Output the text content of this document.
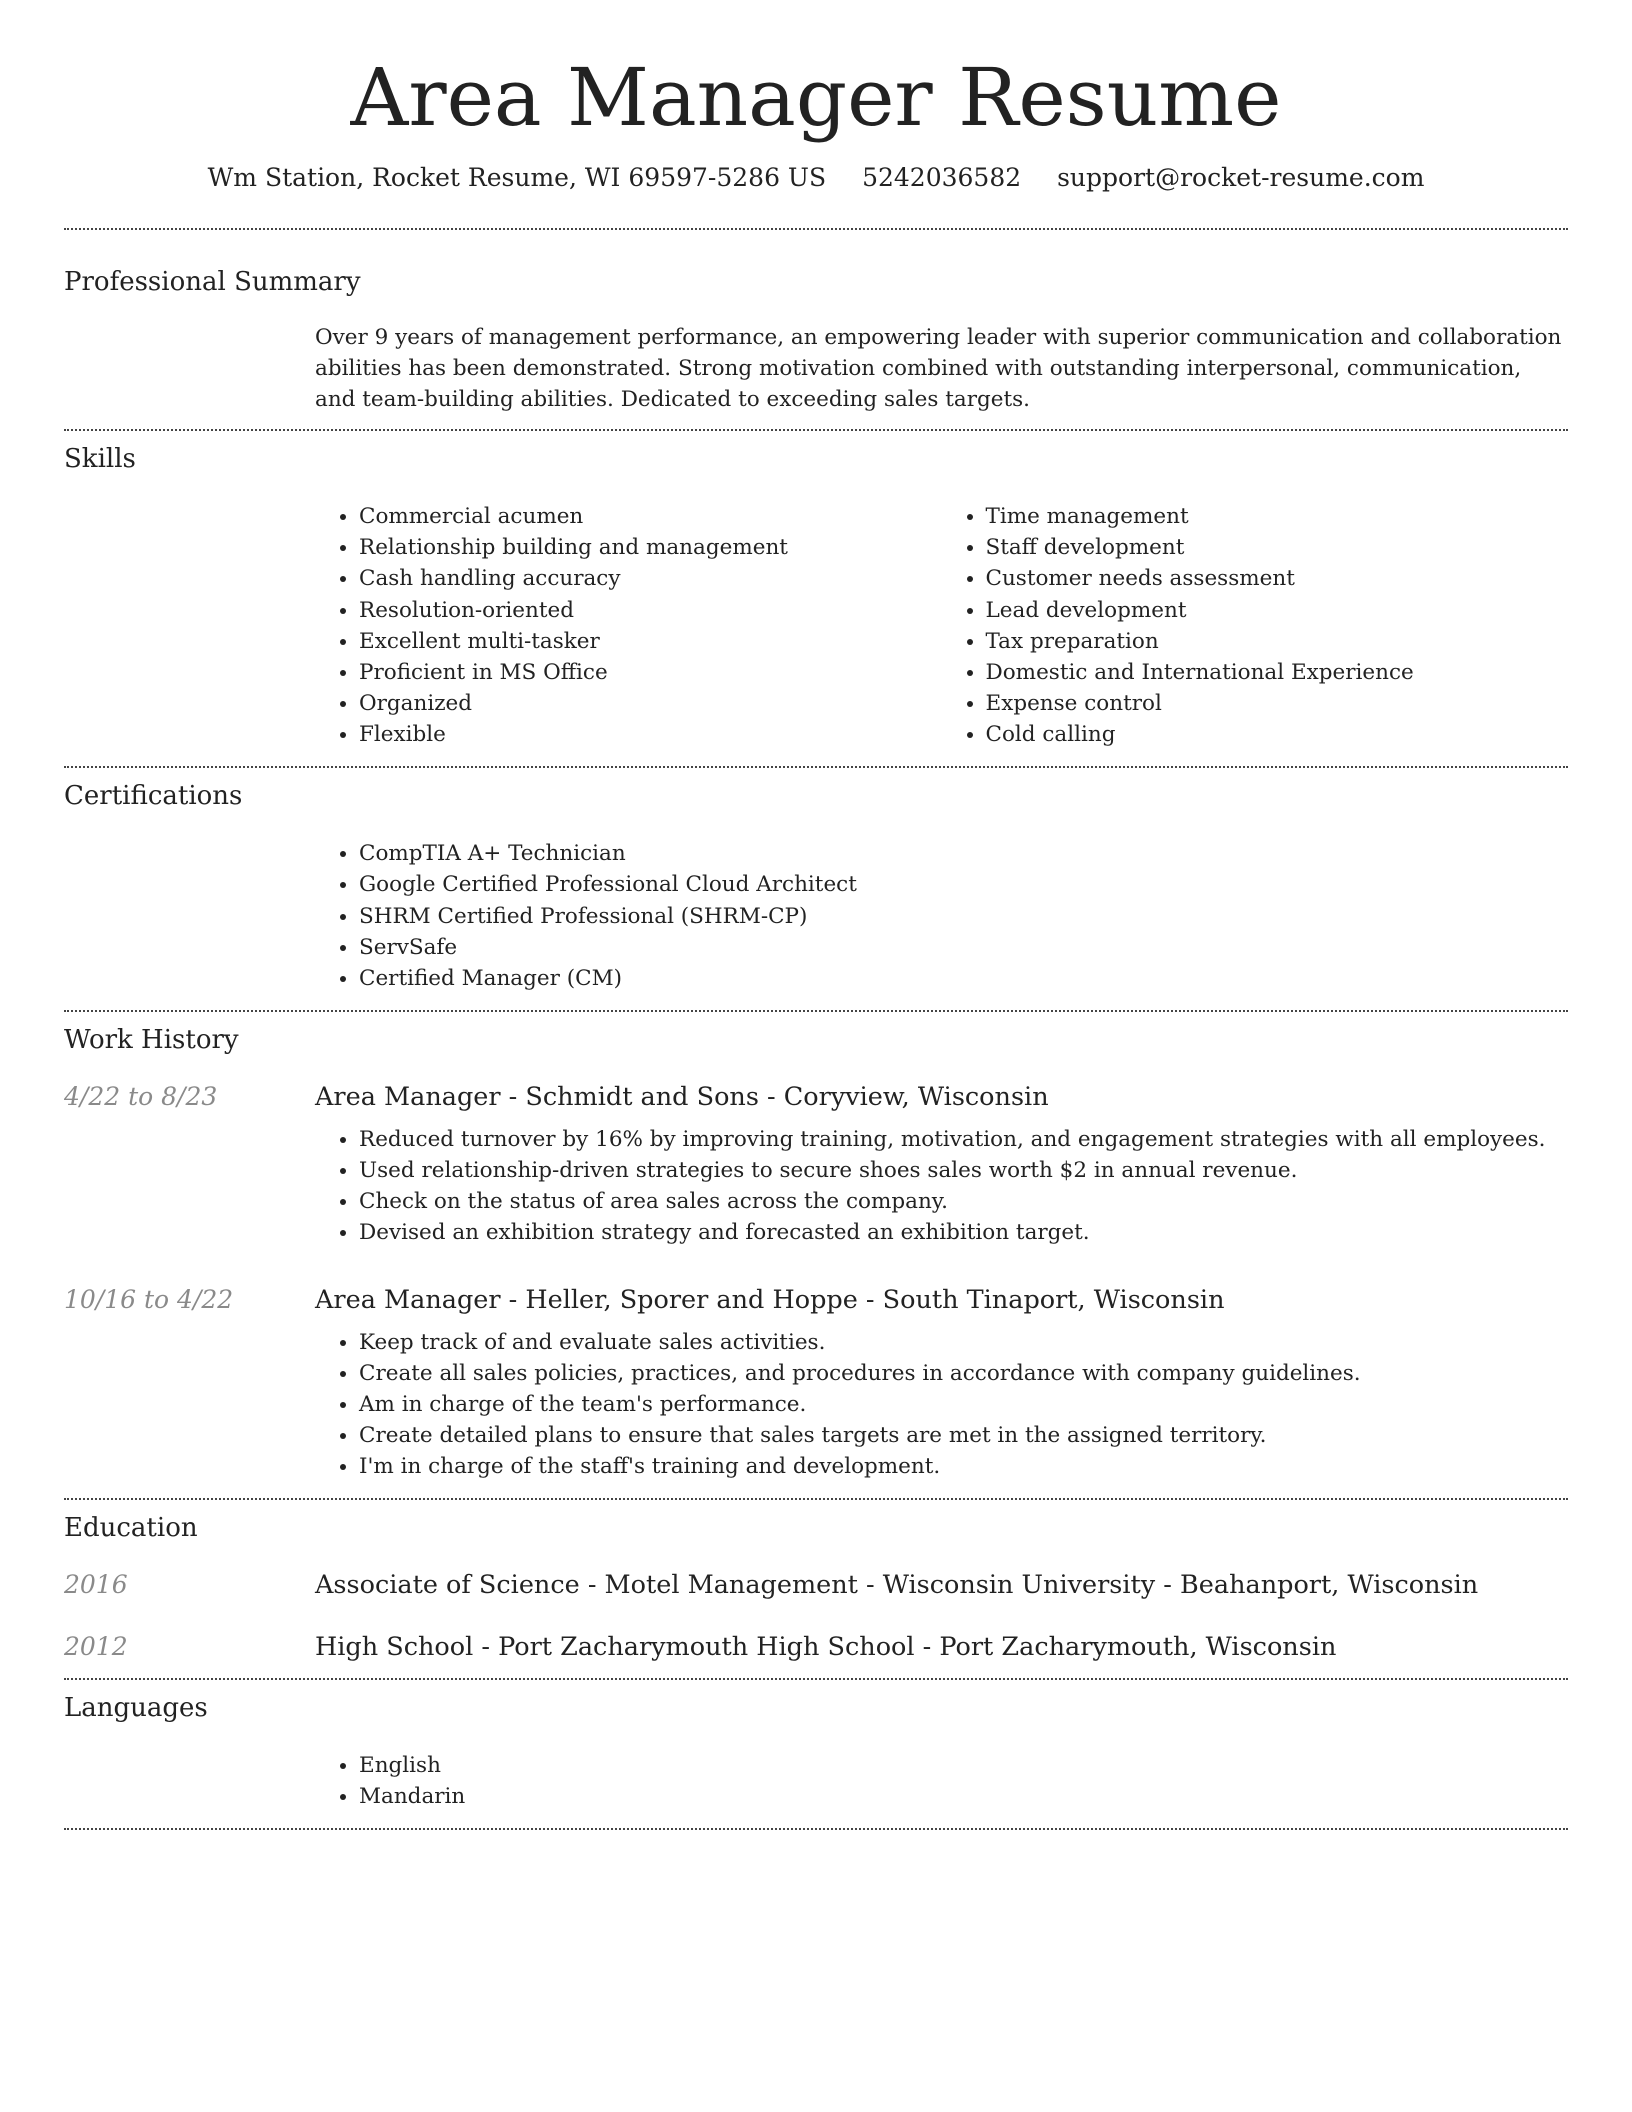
Area Manager Resume
Wm Station, Rocket Resume, WI 69597-5286 US 5242036582 support@rocket-resume.com
Professional Summary
Over 9 years of management performance, an empowering leader with superior communication and collaboration abilities has been demonstrated. Strong motivation combined with outstanding interpersonal, communication, and team-building abilities. Dedicated to exceeding sales targets.
Skills
• Commercial acumen
• Relationship building and management
• Cash handling accuracy
• Resolution-oriented
• Excellent multi-tasker
• Proficient in MS Office
• Organized
• Flexible
• Time management
• Staff development
• Customer needs assessment
• Lead development
• Tax preparation
• Domestic and International Experience
• Expense control
• Cold calling
Certifications
• CompTIA A+ Technician
• Google Certified Professional Cloud Architect
• SHRM Certified Professional (SHRM-CP)
• ServSafe
• Certified Manager (CM)
Work History
4/22 to 8/23	Area Manager - Schmidt and Sons - Coryview, Wisconsin
• Reduced turnover by 16% by improving training, motivation, and engagement strategies with all employees.
• Used relationship-driven strategies to secure shoes sales worth $2 in annual revenue.
• Check on the status of area sales across the company.
• Devised an exhibition strategy and forecasted an exhibition target.
10/16 to 4/22	Area Manager - Heller, Sporer and Hoppe - South Tinaport, Wisconsin
• Keep track of and evaluate sales activities.
• Create all sales policies, practices, and procedures in accordance with company guidelines.
• Am in charge of the team's performance.
• Create detailed plans to ensure that sales targets are met in the assigned territory.
• I'm in charge of the staff's training and development.
Education
2016	Associate of Science - Motel Management - Wisconsin University - Beahanport, Wisconsin
2012	High School - Port Zacharymouth High School - Port Zacharymouth, Wisconsin
Languages
• English
• Mandarin
